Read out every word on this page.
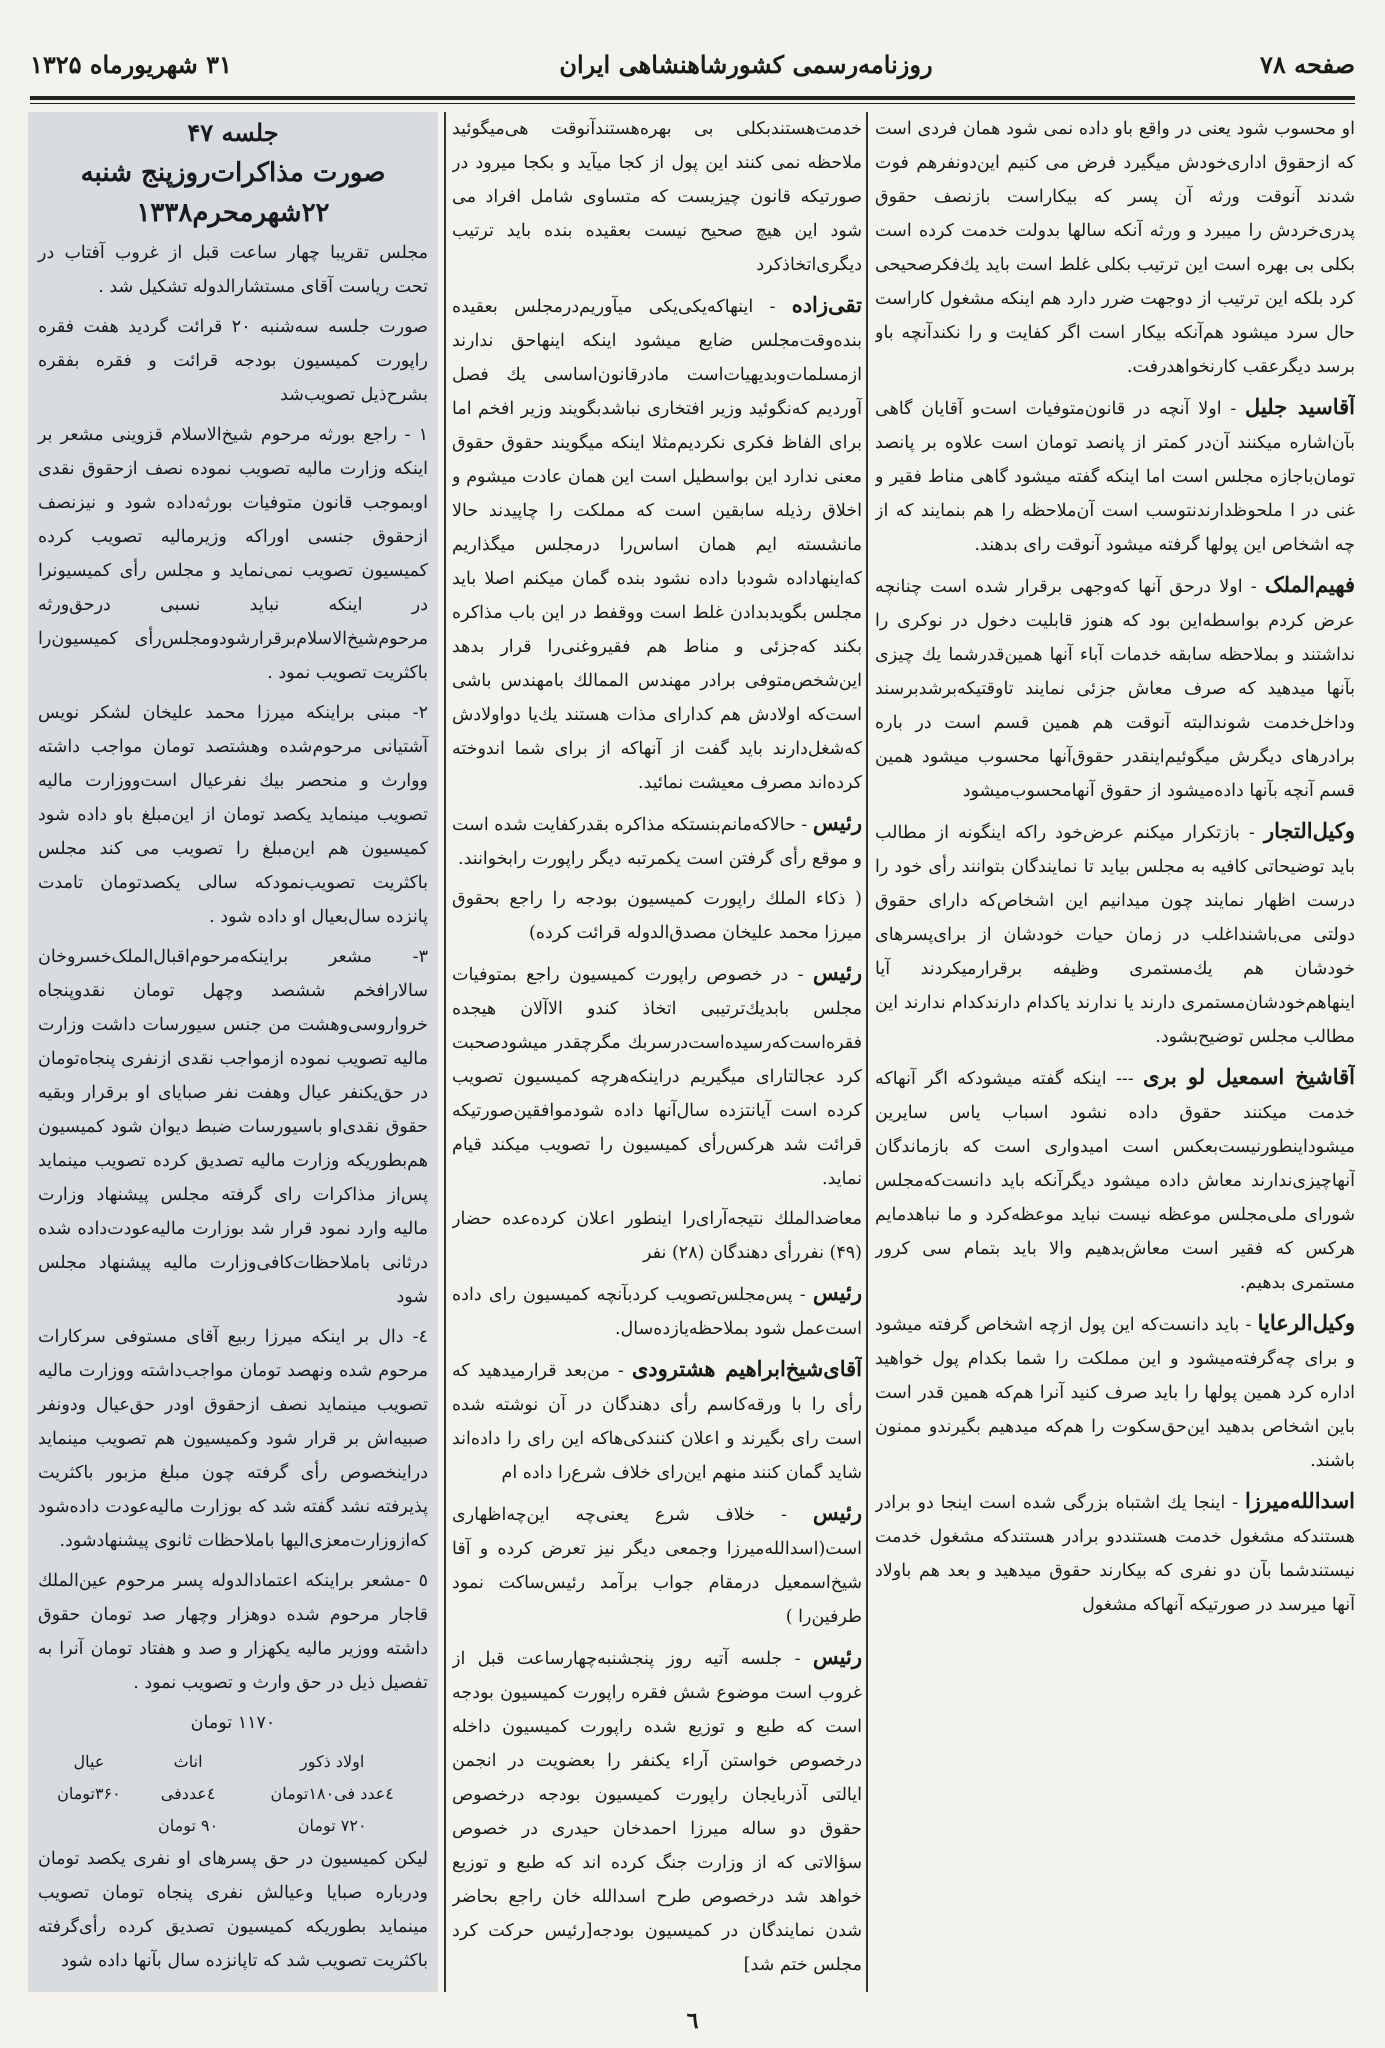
صفحه ۷۸
روزنامه‌رسمی کشورشاهنشاهی ایران
۳۱ شهریورماه ۱۳۲۵

او محسوب شود یعنی در واقع باو داده نمی شود همان فردی است که ازحقوق اداری‌خودش میگیرد فرض می کنیم این‌دونفرهم فوت شدند آنوقت ورثه آن پسر که بیکاراست بازنصف حقوق پدری‌خردش را میبرد و ورثه آنکه سالها بدولت خدمت کرده است بکلی بی بهره است این ترتیب بکلی غلط است باید یك‌فکرصحیحی کرد بلکه این ترتیب از دوجهت ضرر دارد هم اینکه مشغول کاراست حال سرد میشود هم‌آنکه بیکار است اگر کفایت و را نکند‌آنچه باو برسد دیگرعقب کارنخواهدرفت.

آقاسید جلیل - اولا آنچه در قانون‌متوفیات است‌و آقایان گاهی بآن‌اشاره میکنند آن‌در کمتر از پانصد تومان است علاوه بر پانصد تومان‌باجازه مجلس است اما اینکه گفته میشود گاهی مناط فقیر و غنی در ا ملحوظدارند‌نتوسب است آن‌ملاحظه را هم بنمایند که از چه اشخاص این پولها گرفته میشود آنوقت رای بدهند.

فهیم‌الملک - اولا درحق آنها که‌وجهی برقرار شده است چنانچه عرض کردم بواسطه‌این بود که هنوز قابلیت دخول در نوکری را نداشتند و بملاحظه سابقه خدمات آباء آنها همین‌قدرشما یك چیزی بآنها میدهید که صرف معاش جزئی نمایند تاوقتیکه‌برشدبرسند وداخل‌خدمت شوندالبته آنوقت هم همین قسم است در باره برادرهای دیگرش میگوئیم‌اینقدر حقوق‌آنها محسوب میشود همین قسم آنچه بآنها داده‌میشود از حقوق آنها‌محسوب‌میشود

وکیل‌التجار - بازتکرار میکنم عرض‌خود راکه اینگونه از مطالب باید توضیحاتی کافیه به مجلس بیاید تا نمایندگان بتوانند رأی خود را درست اظهار نمایند چون میدانیم این اشخاص‌که دارای حقوق دولتی می‌باشنداغلب در زمان حیات خودشان از برای‌پسرهای خودشان هم یك‌مستمری وظیفه برقرارمیکردند آیا اینها‌هم‌خودشان‌مستمری دارند یا ندارند یاکدام دارند‌کدام ندارند این مطالب مجلس توضیح‌بشود.

آقاشیخ اسمعیل لو بری --- اینکه گفته میشود‌که اگر آنهاکه خدمت میکنند حقوق داده نشود اسباب یاس سایرین میشوداینطورنیست‌بعکس است امیدواری است که بازماندگان آنهاچیزی‌ندارند معاش داده میشود دیگرآنکه باید دانست‌که‌مجلس شورای ملی‌مجلس موعظه نیست نباید موعظه‌کرد و ما نباهدمایم هرکس که فقیر است معاش‌بدهیم والا باید بتمام سی کرور مستمری بدهیم.

وکیل‌الرعایا - باید دانست‌که این پول ازچه اشخاص گرفته میشود و برای چه‌گرفته‌میشود و این مملکت را شما بکدام پول خواهید اداره کرد همین پولها را باید صرف کنید آنرا هم‌که همین قدر است باین اشخاص بدهید این‌حق‌سکوت را هم‌که میدهیم بگیر‌ندو ممنون باشند.

اسدالله‌میرزا - اینجا یك اشتباه بزرگی شده است اینجا دو برادر هستند‌که مشغول خدمت هستنددو برادر هستند‌که مشغول خدمت نیستندشما بآن دو نفری که بیکارند حقوق میدهید و بعد هم باولاد آنها میرسد در صورتیکه آنهاکه مشغول

خدمت‌هستندبکلی بی بهره‌هستندآنوقت هی‌میگوئید ملاحظه نمی کنند این پول از کجا میآید و بکجا میرود در صورتیکه قانون چیزیست که متساوی شامل افراد می شود این هیچ صحیح نیست بعقیده بنده باید ترتیب دیگری‌اتخاذکرد

تقی‌زاده - اینهاکه‌یکی‌یکی میآوریم‌درمجلس بعقیده بنده‌وقت‌مجلس ضایع میشود اینکه اینهاحق ندارند ازمسلمات‌وبدیهیات‌است مادرقانون‌اساسی یك فصل آوردیم که‌نگوئید وزیر افتخاری نباشدبگویند وزیر افخم اما برای الفاظ فکری نکردیم‌مثلا اینکه میگویند حقوق حقوق معنی ندارد این بواسطیل است این همان عادت میشوم و اخلاق رذیله سابقین است که مملکت را چاپیدند حالا مانشسته ایم همان اساس‌را درمجلس میگذاریم که‌اینهاداده شودبا داده نشود بنده گمان میکنم اصلا باید مجلس بگویدبدادن غلط است ووقفط در این باب مذاکره بکند که‌جزئی و مناط هم فقیروغنی‌را قرار بدهد این‌شخص‌متوفی برادر مهندس الممالك بامهندس باشی است‌که اولادش هم کدارای مذات هستند یك‌یا دواولادش که‌شغل‌دارند باید گفت از آنهاکه از برای شما اندوخته کرده‌اند مصرف معیشت نمائید.

رئیس - حالاکه‌مانم‌بنستکه مذاکره بقدرکفایت شده است و موقع رأی گرفتن است یکمرتبه دیگر راپورت رابخوانند.

( ذکاء الملك راپورت کمیسیون بودجه را راجع بحقوق میرزا محمد علیخان مصدق‌الدوله قرائت کرده)

رئیس - در خصوص راپورت کمیسیون راجع بمتوفیات مجلس بابدیك‌ترتیبی اتخاذ کندو الاآلان هیجده فقره‌است‌که‌رسیده‌است‌درسربك مگرچقدر میشودصحبت کرد عجالتارای میگیریم دراینکه‌هرچه کمیسیون تصویب کرده است آیانتزده سال‌آنها داده شودموافقین‌صورتیکه قرائت شد هرکس‌رأی کمیسیون را تصویب میکند قیام نماید.

معاضد‌الملك نتیجه‌آرای‌را اینطور اعلان کرده‌عده حضار (۴۹) نفررأی دهندگان (۲۸) نفر

رئیس - پس‌مجلس‌تصویب کردبآنچه کمیسیون رای داده است‌عمل شود بملاحظه‌یازده‌سال.

آقای‌شیخ‌ابراهیم هشترودی - من‌بعد قرارمیدهید که رأی را با ورقه‌کاسم رأی دهندگان در آن نوشته شده است رای بگیرند و اعلان کنندکی‌هاکه این رای را داده‌اند شاید گمان کنند منهم این‌رای خلاف شرع‌را داده ام

رئیس - خلاف شرع یعنی‌چه این‌چه‌اظهاری است(اسدالله‌میرزا وجمعی دیگر نیز تعرض کرده و آقا شیخ‌اسمعیل درمقام جواب برآمد رئیس‌ساکت نمود طرفین‌را )

رئیس - جلسه آتیه روز پنجشنبه‌چهارساعت قبل از غروب است موضوع شش فقره راپورت کمیسیون بودجه است که طبع و توزیع شده راپورت کمیسیون داخله درخصوص خواستن آراء یکنفر را بعضویت در انجمن ایالتی آذربایجان راپورت کمیسیون بودجه درخصوص حقوق دو ساله میرزا احمد‌خان حیدری در خصوص سؤالاتی که از وزارت جنگ کرده اند که طبع و توزیع خواهد شد درخصوص طرح اسدالله خان راجع بحاضر شدن نمایندگان در کمیسیون بودجه[رئیس حرکت کرد مجلس ختم شد]

جلسه ۴۷

صورت مذاکرات‌روزپنج شنبه

۲۲شهرمحرم۱۳۳۸

مجلس تقریبا چهار ساعت قبل از غروب آفتاب در تحت ریاست آقای مستشارالدوله تشکیل شد .

صورت جلسه سه‌شنبه ۲۰ قرائت گردید هفت فقره راپورت کمیسیون بودجه قرائت و فقره بفقره بشرح‌ذیل تصویب‌شد

۱ - راجع بورثه مرحوم شیخ‌الاسلام قزوینی مشعر بر اینکه وزارت مالیه تصویب نموده نصف ازحقوق نقدی اوبموجب قانون متوفیات بورثه‌داده شود و نیزنصف ازحقوق جنسی اوراکه وزیرمالیه تصویب کرده کمیسیون تصویب نمی‌نماید و مجلس رأی کمیسیونرا در اینکه نباید نسبی درحق‌ورثه مرحوم‌شیخ‌الاسلام‌برقرارشودومجلس‌رأی کمیسیون‌را باکثریت تصویب نمود .

۲- مبنی براینکه میرزا محمد علیخان لشکر نویس آشتیانی مرحوم‌شده وهشتصد تومان مواجب داشته ووارث و منحصر بیك نفرعیال است‌ووزارت مالیه تصویب مینماید یکصد تومان از این‌مبلغ باو داده شود کمیسیون هم این‌مبلغ را تصویب می کند مجلس باکثریت تصویب‌نمودکه سالی یکصدتومان تامدت پانزده سال‌بعیال او داده شود .

۳- مشعر براینکه‌مرحوم‌اقبال‌الملک‌خسروخان سالارافخم ششصد وچهل تومان نقدوپنجاه خرواروسی‌وهشت من جنس سیورسات داشت وزارت مالیه تصویب نموده ازمواجب نقدی ازنفری پنجاه‌تومان در حق‌یکنفر عیال وهفت نفر صبایای او برقرار وبقیه حقوق نقدی‌او باسیورسات ضبط دیوان شود کمیسیون هم‌بطوریکه وزارت مالیه تصدیق کرده تصویب مینماید پس‌از مذاکرات رای گرفته مجلس پیشنهاد وزارت مالیه وارد نمود قرار شد بوزارت مالیه‌عودت‌داده شده درثانی باملاحظات‌کافی‌وزارت مالیه پیشنهاد مجلس شود

٤- دال بر اینکه میرزا ربیع آقای مستوفی سرکارات مرحوم شده ونهصد تومان مواجب‌داشته ووزارت مالیه تصویب مینماید نصف ازحقوق اودر حق‌عیال ودونفر صبیه‌اش بر قرار شود وکمیسیون هم تصویب مینماید دراینخصوص رأی گرفته چون مبلغ مزبور باکثریت پذیرفته نشد گفته شد که بوزارت مالیه‌عودت داده‌شود که‌ازوزارت‌معزی‌الیها باملاحظات ثانوی پیشنهادشود.

٥ -مشعر براینکه اعتمادالدوله پسر مرحوم عین‌الملك قاجار مرحوم شده دوهزار وچهار صد تومان حقوق داشته ووزیر مالیه یکهزار و صد و هفتاد تومان آنرا به تفصیل ذیل در حق وارث و تصویب نمود .

۱۱۷۰ تومان

اولاد ذکور	اناث	عیال
٤عدد فی۱۸۰تومان	٤عددفی	۳۶۰تومان
۷۲۰ تومان	۹۰ تومان	

لیکن کمیسیون در حق پسرهای او نفری یکصد تومان ودرباره صبایا وعیالش نفری پنجاه تومان تصویب مینماید بطوریکه کمیسیون تصدیق کرده رأی‌گرفته باکثریت تصویب شد که تاپانزده سال بآنها داده شود

٦
